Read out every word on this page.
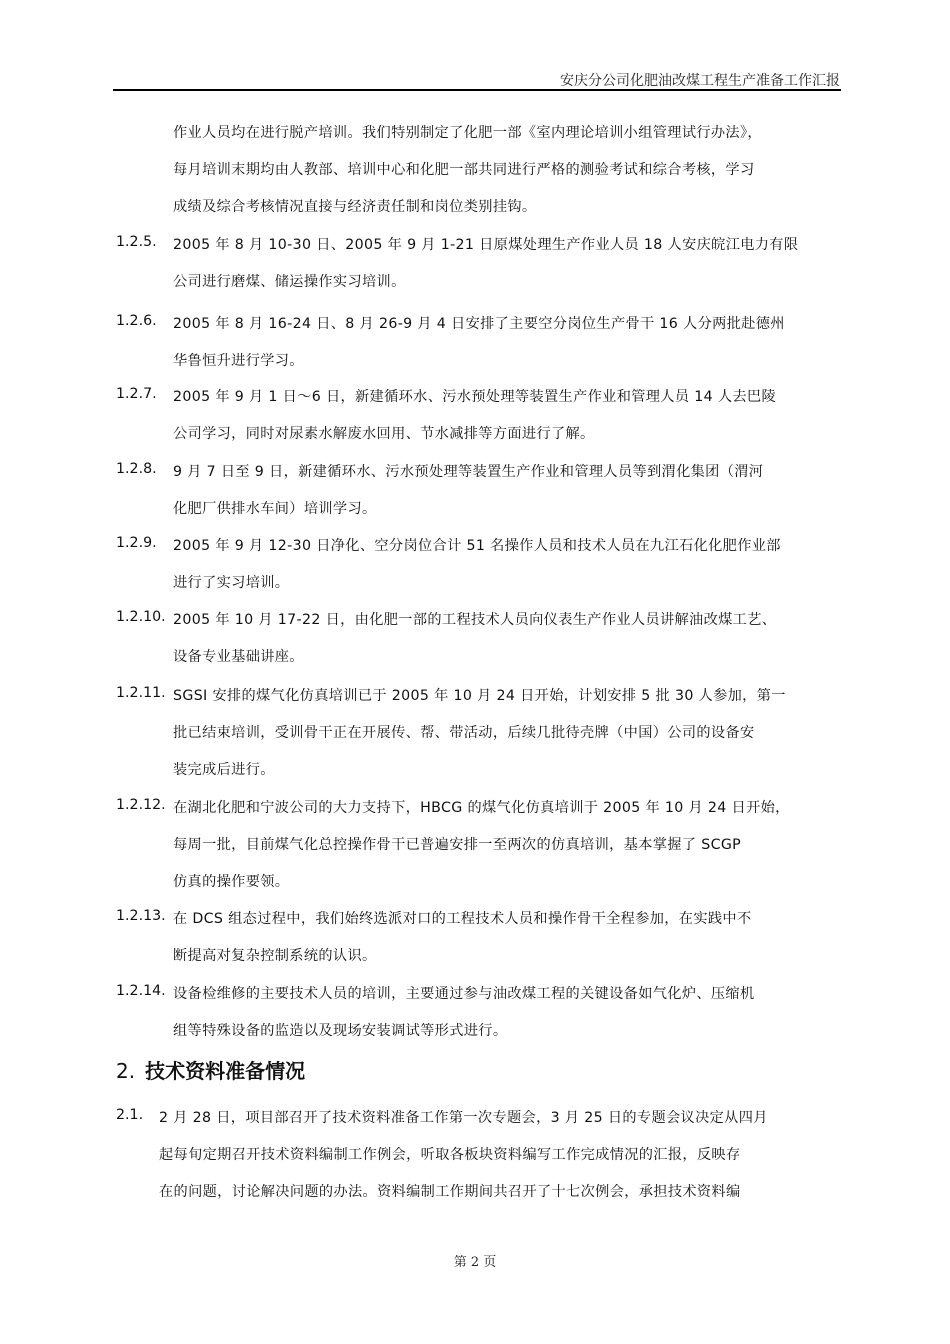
安庆分公司化肥油改煤工程生产准备工作汇报
作业人员均在进行脱产培训。我们特别制定了化肥一部《室内理论培训小组管理试行办法》，
每月培训末期均由人教部、培训中心和化肥一部共同进行严格的测验考试和综合考核，学习
成绩及综合考核情况直接与经济责任制和岗位类别挂钩。
1.2.5. 2005 年 8 月 10-30 日、2005 年 9 月 1-21 日原煤处理生产作业人员 18 人安庆皖江电力有限
公司进行磨煤、储运操作实习培训。
1.2.6. 2005 年 8 月 16-24 日、8 月 26-9 月 4 日安排了主要空分岗位生产骨干 16 人分两批赴德州
华鲁恒升进行学习。
1.2.7. 2005 年 9 月 1 日～6 日，新建循环水、污水预处理等装置生产作业和管理人员 14 人去巴陵
公司学习，同时对尿素水解废水回用、节水减排等方面进行了解。
1.2.8. 9 月 7 日至 9 日，新建循环水、污水预处理等装置生产作业和管理人员等到渭化集团（渭河
化肥厂供排水车间）培训学习。
1.2.9. 2005 年 9 月 12-30 日净化、空分岗位合计 51 名操作人员和技术人员在九江石化化肥作业部
进行了实习培训。
1.2.10. 2005 年 10 月 17-22 日，由化肥一部的工程技术人员向仪表生产作业人员讲解油改煤工艺、
设备专业基础讲座。
1.2.11. SGSI 安排的煤气化仿真培训已于 2005 年 10 月 24 日开始，计划安排 5 批 30 人参加，第一
批已结束培训，受训骨干正在开展传、帮、带活动，后续几批待壳牌（中国）公司的设备安
装完成后进行。
1.2.12. 在湖北化肥和宁波公司的大力支持下，HBCG 的煤气化仿真培训于 2005 年 10 月 24 日开始，
每周一批，目前煤气化总控操作骨干已普遍安排一至两次的仿真培训，基本掌握了 SCGP
仿真的操作要领。
1.2.13. 在 DCS 组态过程中，我们始终选派对口的工程技术人员和操作骨干全程参加，在实践中不
断提高对复杂控制系统的认识。
1.2.14. 设备检维修的主要技术人员的培训，主要通过参与油改煤工程的关键设备如气化炉、压缩机
组等特殊设备的监造以及现场安装调试等形式进行。
2. 技术资料准备情况
2.1. 2 月 28 日，项目部召开了技术资料准备工作第一次专题会，3 月 25 日的专题会议决定从四月
起每旬定期召开技术资料编制工作例会，听取各板块资料编写工作完成情况的汇报，反映存
在的问题，讨论解决问题的办法。资料编制工作期间共召开了十七次例会，承担技术资料编
第 2 页
